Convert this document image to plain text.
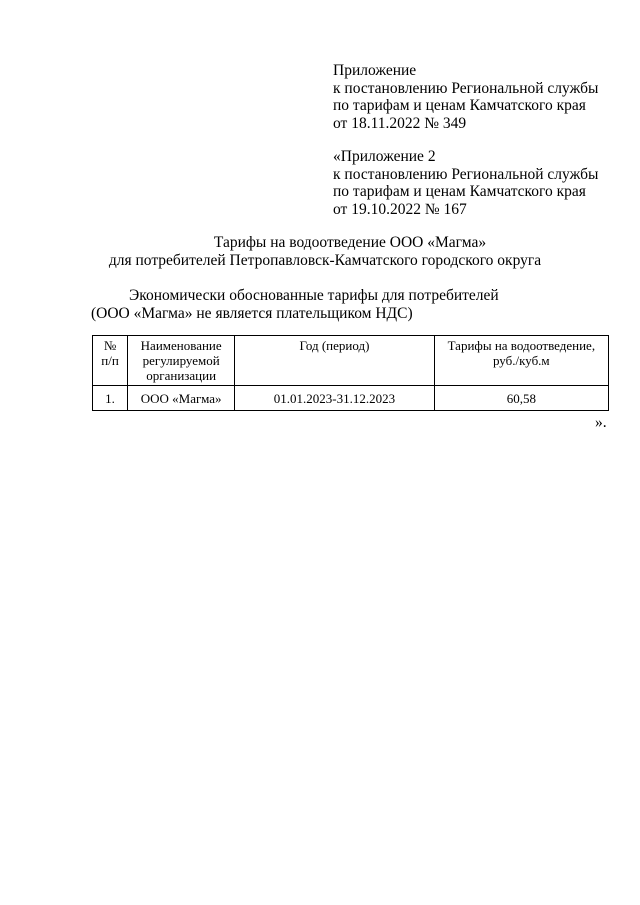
Приложение
к постановлению Региональной службы
по тарифам и ценам Камчатского края
от 18.11.2022 № 349
«Приложение 2
к постановлению Региональной службы
по тарифам и ценам Камчатского края
от 19.10.2022 № 167
Тарифы на водоотведение ООО «Магма»
для потребителей Петропавловск-Камчатского городского округа
Экономически обоснованные тарифы для потребителей
(ООО «Магма» не является плательщиком НДС)
№ п/п	Наименование регулируемой организации	Год (период)	Тарифы на водоотведение, руб./куб.м
1.	ООО «Магма»	01.01.2023-31.12.2023	60,58
».
